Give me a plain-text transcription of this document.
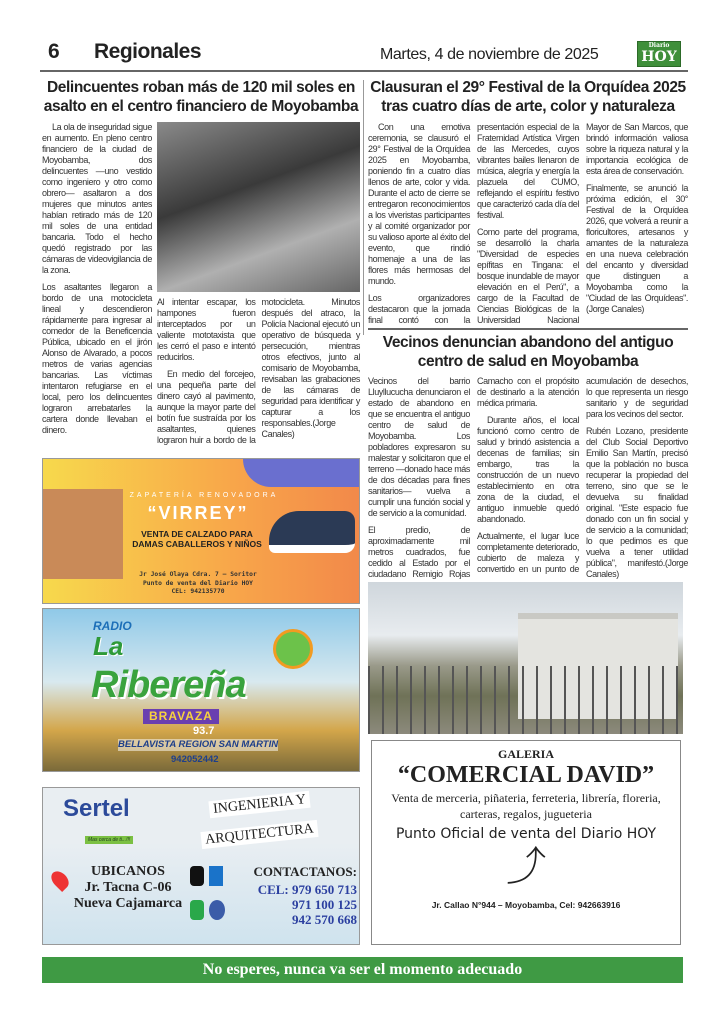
6 Regionales	Martes, 4 de noviembre de 2025
Diario
HOY
Delincuentes roban más de 120 mil soles en asalto en el centro financiero de Moyobamba

La ola de inseguridad sigue en aumento. En pleno centro financiero de la ciudad de Moyobamba, dos delincuentes —uno vestido como ingeniero y otro como obrero— asaltaron a dos mujeres que minutos antes habían retirado más de 120 mil soles de una entidad bancaria. Todo el hecho quedó registrado por las cámaras de videovigilancia de la zona.

Los asaltantes llegaron a bordo de una motocicleta lineal y descendieron rápidamente para ingresar al comedor de la Beneficencia Pública, ubicado en el jirón Alonso de Alvarado, a pocos metros de varias agencias bancarias. Las víctimas intentaron refugiarse en el local, pero los delincuentes lograron arrebatarles la cartera donde llevaban el dinero.

Al intentar escapar, los hampones fueron interceptados por un valiente mototaxista que les cerró el paso e intentó reducirlos.

En medio del forcejeo, una pequeña parte del dinero cayó al pavimento, aunque la mayor parte del botín fue sustraída por los asaltantes, quienes lograron huir a bordo de la motocicleta. Minutos después del atraco, la Policía Nacional ejecutó un operativo de búsqueda y persecución, mientras otros efectivos, junto al comisario de Moyobamba, revisaban las grabaciones de las cámaras de seguridad para identificar y capturar a los responsables.(Jorge Canales)

ZAPATERÍA RENOVADORA
“VIRREY”
VENTA DE CALZADO PARA DAMAS CABALLEROS Y NIÑOS
Jr José Olaya Cdra. 7 – Soritor
Punto de venta del Diario HOY
CEL: 942135770
RADIO
La
Ribereña
BRAVAZA
93.7
BELLAVISTA REGION SAN MARTIN
942052442
Sertel
Mas cerca de ti...!!!
INGENIERIA Y
ARQUITECTURA
UBICANOS
Jr. Tacna C-06
Nueva Cajamarca
CONTACTANOS:
CEL: 979 650 713
971 100 125
942 570 668
Clausuran el 29° Festival de la Orquídea 2025 tras cuatro días de arte, color y naturaleza

Con una emotiva ceremonia, se clausuró el 29° Festival de la Orquídea 2025 en Moyobamba, poniendo fin a cuatro días llenos de arte, color y vida. Durante el acto de cierre se entregaron reconocimientos a los viveristas participantes y al comité organizador por su valioso aporte al éxito del evento, que rindió homenaje a una de las flores más hermosas del mundo.

Los organizadores destacaron que la jornada final contó con la presentación especial de la Fraternidad Artística Virgen de las Mercedes, cuyos vibrantes bailes llenaron de música, alegría y energía la plazuela del CUMO, reflejando el espíritu festivo que caracterizó cada día del festival.

Como parte del programa, se desarrolló la charla "Diversidad de especies epífitas en Tingana: el bosque inundable de mayor elevación en el Perú", a cargo de la Facultad de Ciencias Biológicas de la Universidad Nacional Mayor de San Marcos, que brindó información valiosa sobre la riqueza natural y la importancia ecológica de esta área de conservación.

Finalmente, se anunció la próxima edición, el 30° Festival de la Orquídea 2026, que volverá a reunir a floricultores, artesanos y amantes de la naturaleza en una nueva celebración del encanto y diversidad que distinguen a Moyobamba como la "Ciudad de las Orquídeas".(Jorge Canales)

Vecinos denuncian abandono del antiguo centro de salud en Moyobamba

Vecinos del barrio Lluyllucucha denunciaron el estado de abandono en que se encuentra el antiguo centro de salud de Moyobamba. Los pobladores expresaron su malestar y solicitaron que el terreno —donado hace más de dos décadas para fines sanitarios— vuelva a cumplir una función social y de servicio a la comunidad.

El predio, de aproximadamente mil metros cuadrados, fue cedido al Estado por el ciudadano Remigio Rojas Camacho con el propósito de destinarlo a la atención médica primaria.

Durante años, el local funcionó como centro de salud y brindó asistencia a decenas de familias; sin embargo, tras la construcción de un nuevo establecimiento en otra zona de la ciudad, el antiguo inmueble quedó abandonado.

Actualmente, el lugar luce completamente deteriorado, cubierto de maleza y convertido en un punto de acumulación de desechos, lo que representa un riesgo sanitario y de seguridad para los vecinos del sector.

Rubén Lozano, presidente del Club Social Deportivo Emilio San Martín, precisó que la población no busca recuperar la propiedad del terreno, sino que se le devuelva su finalidad original. "Este espacio fue donado con un fin social y de servicio a la comunidad; lo que pedimos es que vuelva a tener utilidad pública", manifestó.(Jorge Canales)

GALERIA
“COMERCIAL DAVID”
Venta de merceria, piñateria, ferreteria, librería, floreria, carteras, regalos, jugueteria
Punto Oficial de venta del Diario HOY
⤴
Jr. Callao N°944 – Moyobamba, Cel: 942663916
No esperes, nunca va ser el momento adecuado
